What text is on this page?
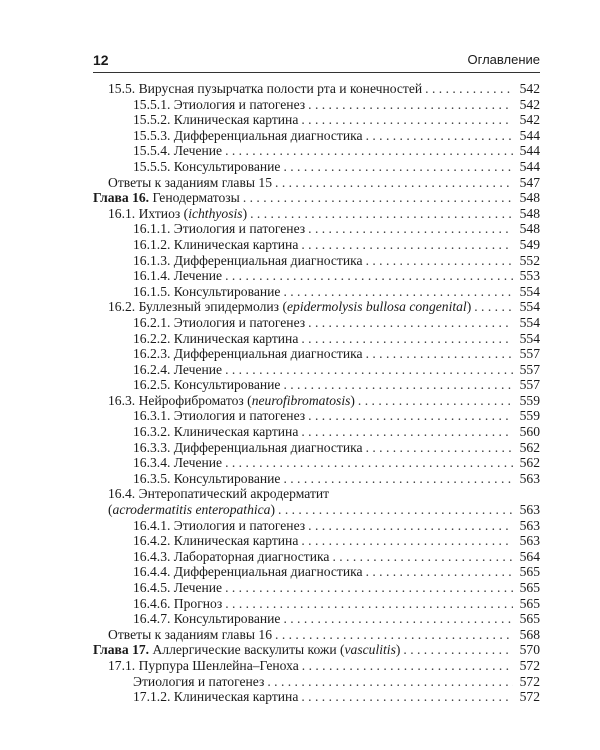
12	Оглавление
15.5. Вирусная пузырчатка полости рта и конечностей . . .	542
15.5.1. Этиология и патогенез . . .	542
15.5.2. Клиническая картина . . .	542
15.5.3. Дифференциальная диагностика . . .	544
15.5.4. Лечение . . .	544
15.5.5. Консультирование . . .	544
Ответы к заданиям главы 15 . . .	547
Глава 16. Генодерматозы . . .	548
16.1. Ихтиоз (ichthyosis) . . .	548
16.1.1. Этиология и патогенез . . .	548
16.1.2. Клиническая картина . . .	549
16.1.3. Дифференциальная диагностика . . .	552
16.1.4. Лечение . . .	553
16.1.5. Консультирование . . .	554
16.2. Буллезный эпидермолиз (epidermolysis bullosa congenital) . . .	554
16.2.1. Этиология и патогенез . . .	554
16.2.2. Клиническая картина . . .	554
16.2.3. Дифференциальная диагностика . . .	557
16.2.4. Лечение . . .	557
16.2.5. Консультирование . . .	557
16.3. Нейрофиброматоз (neurofibromatosis) . . .	559
16.3.1. Этиология и патогенез . . .	559
16.3.2. Клиническая картина . . .	560
16.3.3. Дифференциальная диагностика . . .	562
16.3.4. Лечение . . .	562
16.3.5. Консультирование . . .	563
16.4. Энтеропатический акродерматит
(acrodermatitis enteropathica) . . .	563
16.4.1. Этиология и патогенез . . .	563
16.4.2. Клиническая картина . . .	563
16.4.3. Лабораторная диагностика . . .	564
16.4.4. Дифференциальная диагностика . . .	565
16.4.5. Лечение . . .	565
16.4.6. Прогноз . . .	565
16.4.7. Консультирование . . .	565
Ответы к заданиям главы 16 . . .	568
Глава 17. Аллергические васкулиты кожи (vasculitis) . . .	570
17.1. Пурпура Шенлейна–Геноха . . .	572
Этиология и патогенез . . .	572
17.1.2. Клиническая картина . . .	572
